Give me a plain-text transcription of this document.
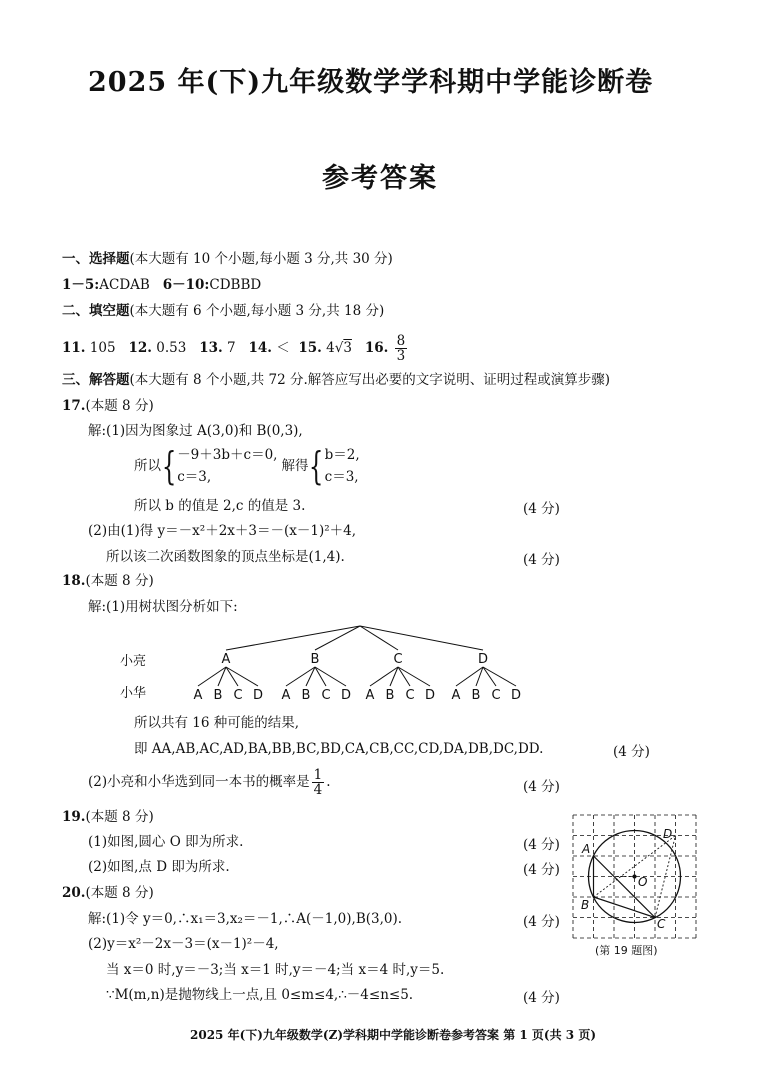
2025 年(下)九年级数学学科期中学能诊断卷
参考答案
一、选择题(本大题有 10 个小题,每小题 3 分,共 30 分)
1－5:ACDAB 6－10:CDBBD
二、填空题(本大题有 6 个小题,每小题 3 分,共 18 分)
11.
105
12.
0.53
13.
7
14.
＜
15.
4√3
16.
$\frac{8}{3}$
三、解答题(本大题有 8 个小题,共 72 分.解答应写出必要的文字说明、证明过程或演算步骤)
17.(本题 8 分)
解:(1)因为图象过 A(3,0)和 B(0,3),
所以 { －9＋3b＋c＝0,
c＝3,
解得 { b＝2,
c＝3,
所以 b 的值是 2,c 的值是 3.	(4 分)
(2)由(1)得 y＝－x²＋2x＋3＝－(x－1)²＋4,
所以该二次函数图象的顶点坐标是(1,4).	(4 分)
18.(本题 8 分)
解:(1)用树状图分析如下:
小亮
小华
A	B	C	D
A B C D A B C D A B C D A B C D
所以共有 16 种可能的结果,
即 AA,AB,AC,AD,BA,BB,BC,BD,CA,CB,CC,CD,DA,DB,DC,DD.	(4 分)
(2)小亮和小华选到同一本书的概率是 $\frac{1}{4}$ .	(4 分)
19.(本题 8 分)
(1)如图,圆心 O 即为所求.	(4 分)
(2)如图,点 D 即为所求.	(4 分)
A
B
C
D
O
(第 19 题图)
20.(本题 8 分)
解:(1)令 y＝0,∴x₁＝3,x₂＝－1,∴A(－1,0),B(3,0).	(4 分)
(2)y＝x²－2x－3＝(x－1)²－4,
当 x＝0 时,y＝－3;当 x＝1 时,y＝－4;当 x＝4 时,y＝5.
∵M(m,n)是抛物线上一点,且 0≤m≤4,∴－4≤n≤5.	(4 分)
2025 年(下)九年级数学(Z)学科期中学能诊断卷参考答案 第 1 页(共 3 页)
